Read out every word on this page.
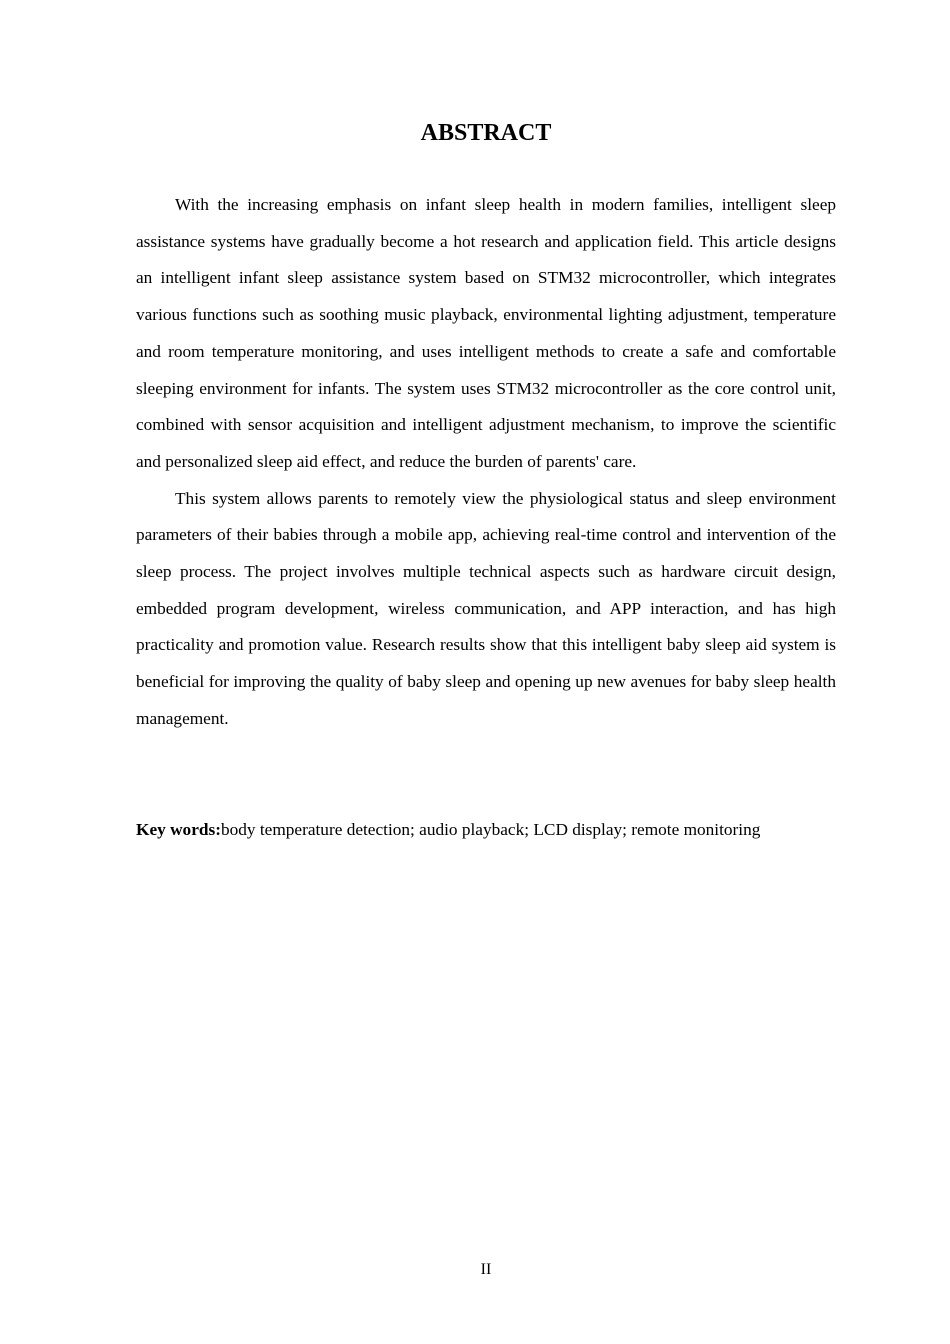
ABSTRACT

With the increasing emphasis on infant sleep health in modern families, intelligent sleep assistance systems have gradually become a hot research and application field. This article designs an intelligent infant sleep assistance system based on STM32 microcontroller, which integrates various functions such as soothing music playback, environmental lighting adjustment, temperature and room temperature monitoring, and uses intelligent methods to create a safe and comfortable sleeping environment for infants. The system uses STM32 microcontroller as the core control unit, combined with sensor acquisition and intelligent adjustment mechanism, to improve the scientific and personalized sleep aid effect, and reduce the burden of parents' care.

This system allows parents to remotely view the physiological status and sleep environment parameters of their babies through a mobile app, achieving real-time control and intervention of the sleep process. The project involves multiple technical aspects such as hardware circuit design, embedded program development, wireless communication, and APP interaction, and has high practicality and promotion value. Research results show that this intelligent baby sleep aid system is beneficial for improving the quality of baby sleep and opening up new avenues for baby sleep health management.

Key words:body temperature detection; audio playback; LCD display; remote monitoring

II
